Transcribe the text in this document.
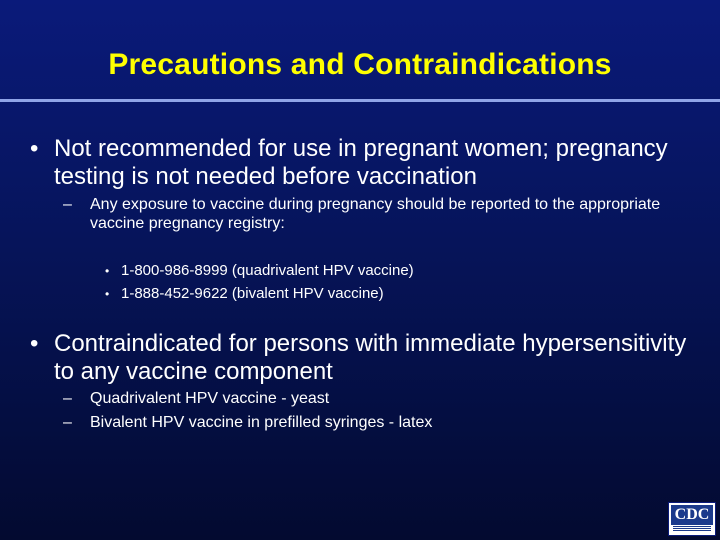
Precautions and Contraindications
• Not recommended for use in pregnant women; pregnancy testing is not needed before vaccination
– Any exposure to vaccine during pregnancy should be reported to the appropriate vaccine pregnancy registry:
• 1-800-986-8999 (quadrivalent HPV vaccine)
• 1-888-452-9622 (bivalent HPV vaccine)
• Contraindicated for persons with immediate hypersensitivity to any vaccine component
– Quadrivalent HPV vaccine - yeast
– Bivalent HPV vaccine in prefilled syringes - latex
CDC
